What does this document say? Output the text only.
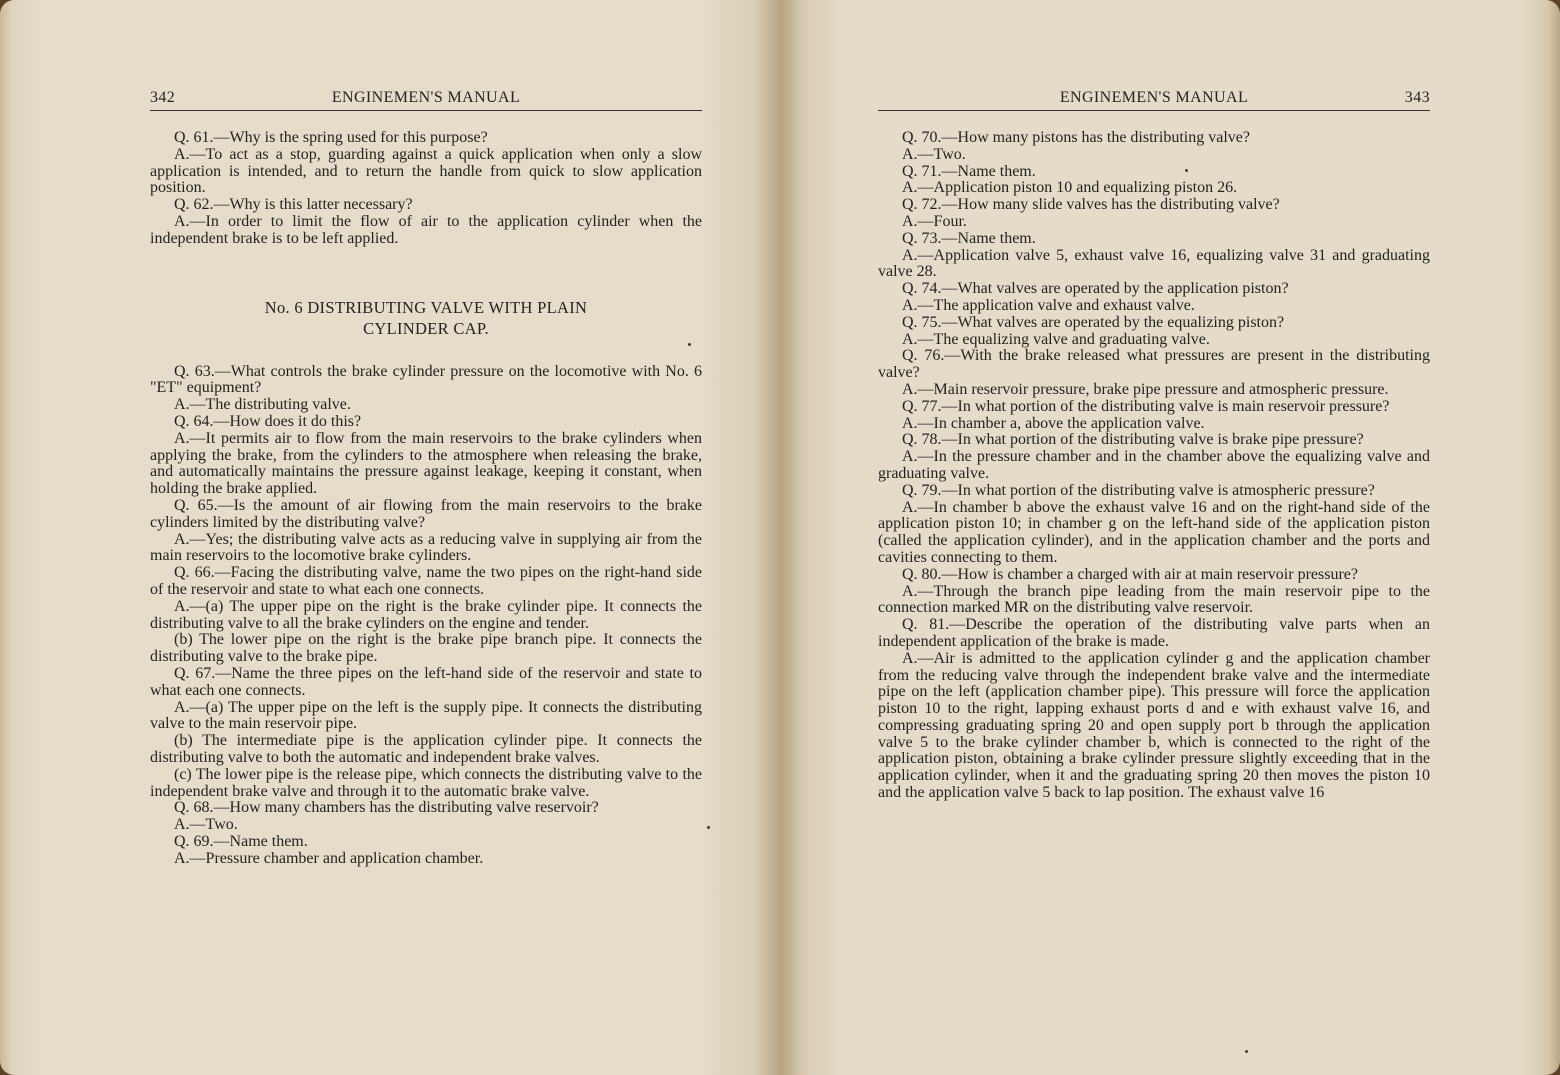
342	ENGINEMEN'S MANUAL

Q. 61.—Why is the spring used for this purpose?

A.—To act as a stop, guarding against a quick application when only a slow application is intended, and to return the handle from quick to slow application position.

Q. 62.—Why is this latter necessary?

A.—In order to limit the flow of air to the application cylinder when the independent brake is to be left applied.

No. 6 DISTRIBUTING VALVE WITH PLAIN
CYLINDER CAP.

Q. 63.—What controls the brake cylinder pressure on the locomotive with No. 6 "ET" equipment?

A.—The distributing valve.

Q. 64.—How does it do this?

A.—It permits air to flow from the main reservoirs to the brake cylinders when applying the brake, from the cylinders to the atmosphere when releasing the brake, and automatically maintains the pressure against leakage, keeping it constant, when holding the brake applied.

Q. 65.—Is the amount of air flowing from the main reservoirs to the brake cylinders limited by the distributing valve?

A.—Yes; the distributing valve acts as a reducing valve in supplying air from the main reservoirs to the locomotive brake cylinders.

Q. 66.—Facing the distributing valve, name the two pipes on the right-hand side of the reservoir and state to what each one connects.

A.—(a) The upper pipe on the right is the brake cylinder pipe. It connects the distributing valve to all the brake cylinders on the engine and tender.

(b) The lower pipe on the right is the brake pipe branch pipe. It connects the distributing valve to the brake pipe.

Q. 67.—Name the three pipes on the left-hand side of the reservoir and state to what each one connects.

A.—(a) The upper pipe on the left is the supply pipe. It connects the distributing valve to the main reservoir pipe.

(b) The intermediate pipe is the application cylinder pipe. It connects the distributing valve to both the automatic and independent brake valves.

(c) The lower pipe is the release pipe, which connects the distributing valve to the independent brake valve and through it to the automatic brake valve.

Q. 68.—How many chambers has the distributing valve reservoir?

A.—Two.

Q. 69.—Name them.

A.—Pressure chamber and application chamber.

ENGINEMEN'S MANUAL	343

Q. 70.—How many pistons has the distributing valve?

A.—Two.

Q. 71.—Name them.

A.—Application piston 10 and equalizing piston 26.

Q. 72.—How many slide valves has the distributing valve?

A.—Four.

Q. 73.—Name them.

A.—Application valve 5, exhaust valve 16, equalizing valve 31 and graduating valve 28.

Q. 74.—What valves are operated by the application piston?

A.—The application valve and exhaust valve.

Q. 75.—What valves are operated by the equalizing piston?

A.—The equalizing valve and graduating valve.

Q. 76.—With the brake released what pressures are present in the distributing valve?

A.—Main reservoir pressure, brake pipe pressure and atmospheric pressure.

Q. 77.—In what portion of the distributing valve is main reservoir pressure?

A.—In chamber a, above the application valve.

Q. 78.—In what portion of the distributing valve is brake pipe pressure?

A.—In the pressure chamber and in the chamber above the equalizing valve and graduating valve.

Q. 79.—In what portion of the distributing valve is atmospheric pressure?

A.—In chamber b above the exhaust valve 16 and on the right-hand side of the application piston 10; in chamber g on the left-hand side of the application piston (called the application cylinder), and in the application chamber and the ports and cavities connecting to them.

Q. 80.—How is chamber a charged with air at main reservoir pressure?

A.—Through the branch pipe leading from the main reservoir pipe to the connection marked MR on the distributing valve reservoir.

Q. 81.—Describe the operation of the distributing valve parts when an independent application of the brake is made.

A.—Air is admitted to the application cylinder g and the application chamber from the reducing valve through the independent brake valve and the intermediate pipe on the left (application chamber pipe). This pressure will force the application piston 10 to the right, lapping exhaust ports d and e with exhaust valve 16, and compressing graduating spring 20 and open supply port b through the application valve 5 to the brake cylinder chamber b, which is connected to the right of the application piston, obtaining a brake cylinder pressure slightly exceeding that in the application cylinder, when it and the graduating spring 20 then moves the piston 10 and the application valve 5 back to lap position. The exhaust valve 16
